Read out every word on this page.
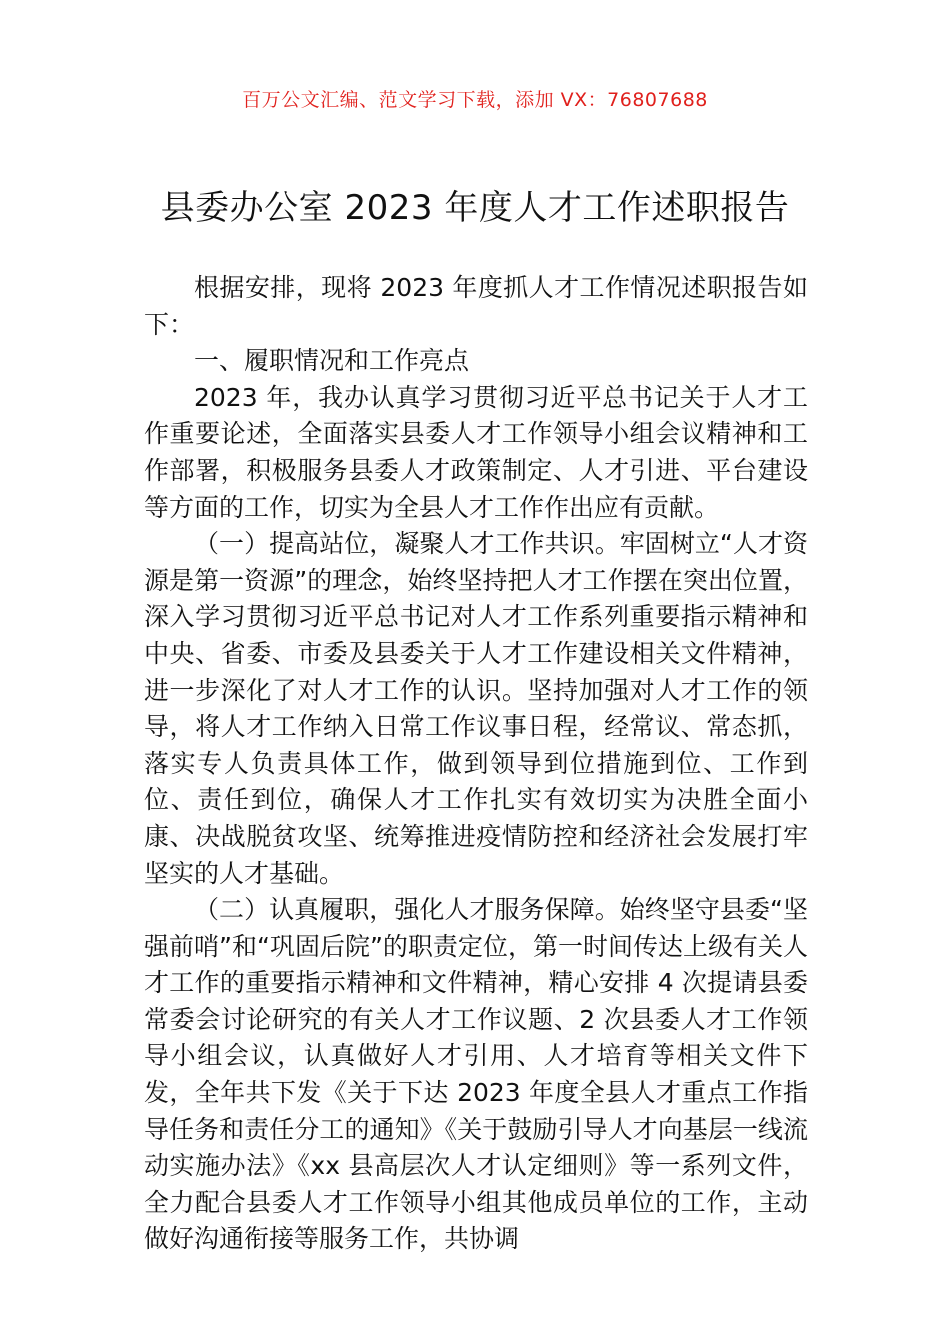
百万公文汇编、范文学习下载，添加 VX：76807688
县委办公室 2023 年度人才工作述职报告

根据安排，现将 2023 年度抓人才工作情况述职报告如下：

一、履职情况和工作亮点

2023 年，我办认真学习贯彻习近平总书记关于人才工作重要论述，全面落实县委人才工作领导小组会议精神和工作部署，积极服务县委人才政策制定、人才引进、平台建设等方面的工作，切实为全县人才工作作出应有贡献。

（一）提高站位，凝聚人才工作共识。牢固树立“人才资源是第一资源”的理念，始终坚持把人才工作摆在突出位置，深入学习贯彻习近平总书记对人才工作系列重要指示精神和中央、省委、市委及县委关于人才工作建设相关文件精神，进一步深化了对人才工作的认识。坚持加强对人才工作的领导，将人才工作纳入日常工作议事日程，经常议、常态抓，落实专人负责具体工作，做到领导到位措施到位、工作到位、责任到位，确保人才工作扎实有效切实为决胜全面小康、决战脱贫攻坚、统筹推进疫情防控和经济社会发展打牢坚实的人才基础。

（二）认真履职，强化人才服务保障。始终坚守县委“坚强前哨”和“巩固后院”的职责定位，第一时间传达上级有关人才工作的重要指示精神和文件精神，精心安排 4 次提请县委常委会讨论研究的有关人才工作议题、2 次县委人才工作领导小组会议，认真做好人才引用、人才培育等相关文件下发，全年共下发《关于下达 2023 年度全县人才重点工作指导任务和责任分工的通知》《关于鼓励引导人才向基层一线流动实施办法》《xx 县高层次人才认定细则》等一系列文件，全力配合县委人才工作领导小组其他成员单位的工作，主动做好沟通衔接等服务工作，共协调
